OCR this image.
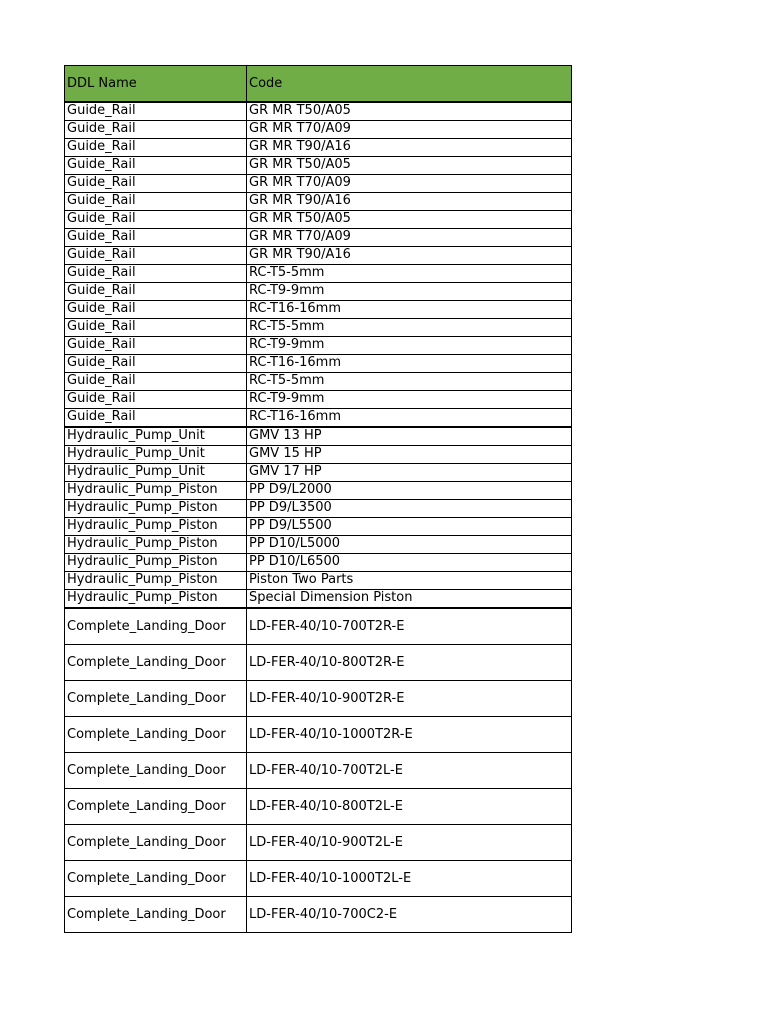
DDL Name	Code
Guide_Rail	GR MR T50/A05
Guide_Rail	GR MR T70/A09
Guide_Rail	GR MR T90/A16
Guide_Rail	GR MR T50/A05
Guide_Rail	GR MR T70/A09
Guide_Rail	GR MR T90/A16
Guide_Rail	GR MR T50/A05
Guide_Rail	GR MR T70/A09
Guide_Rail	GR MR T90/A16
Guide_Rail	RC-T5-5mm
Guide_Rail	RC-T9-9mm
Guide_Rail	RC-T16-16mm
Guide_Rail	RC-T5-5mm
Guide_Rail	RC-T9-9mm
Guide_Rail	RC-T16-16mm
Guide_Rail	RC-T5-5mm
Guide_Rail	RC-T9-9mm
Guide_Rail	RC-T16-16mm
Hydraulic_Pump_Unit	GMV 13 HP
Hydraulic_Pump_Unit	GMV 15 HP
Hydraulic_Pump_Unit	GMV 17 HP
Hydraulic_Pump_Piston	PP D9/L2000
Hydraulic_Pump_Piston	PP D9/L3500
Hydraulic_Pump_Piston	PP D9/L5500
Hydraulic_Pump_Piston	PP D10/L5000
Hydraulic_Pump_Piston	PP D10/L6500
Hydraulic_Pump_Piston	Piston Two Parts
Hydraulic_Pump_Piston	Special Dimension Piston
Complete_Landing_Door	LD-FER-40/10-700T2R-E
Complete_Landing_Door	LD-FER-40/10-800T2R-E
Complete_Landing_Door	LD-FER-40/10-900T2R-E
Complete_Landing_Door	LD-FER-40/10-1000T2R-E
Complete_Landing_Door	LD-FER-40/10-700T2L-E
Complete_Landing_Door	LD-FER-40/10-800T2L-E
Complete_Landing_Door	LD-FER-40/10-900T2L-E
Complete_Landing_Door	LD-FER-40/10-1000T2L-E
Complete_Landing_Door	LD-FER-40/10-700C2-E
